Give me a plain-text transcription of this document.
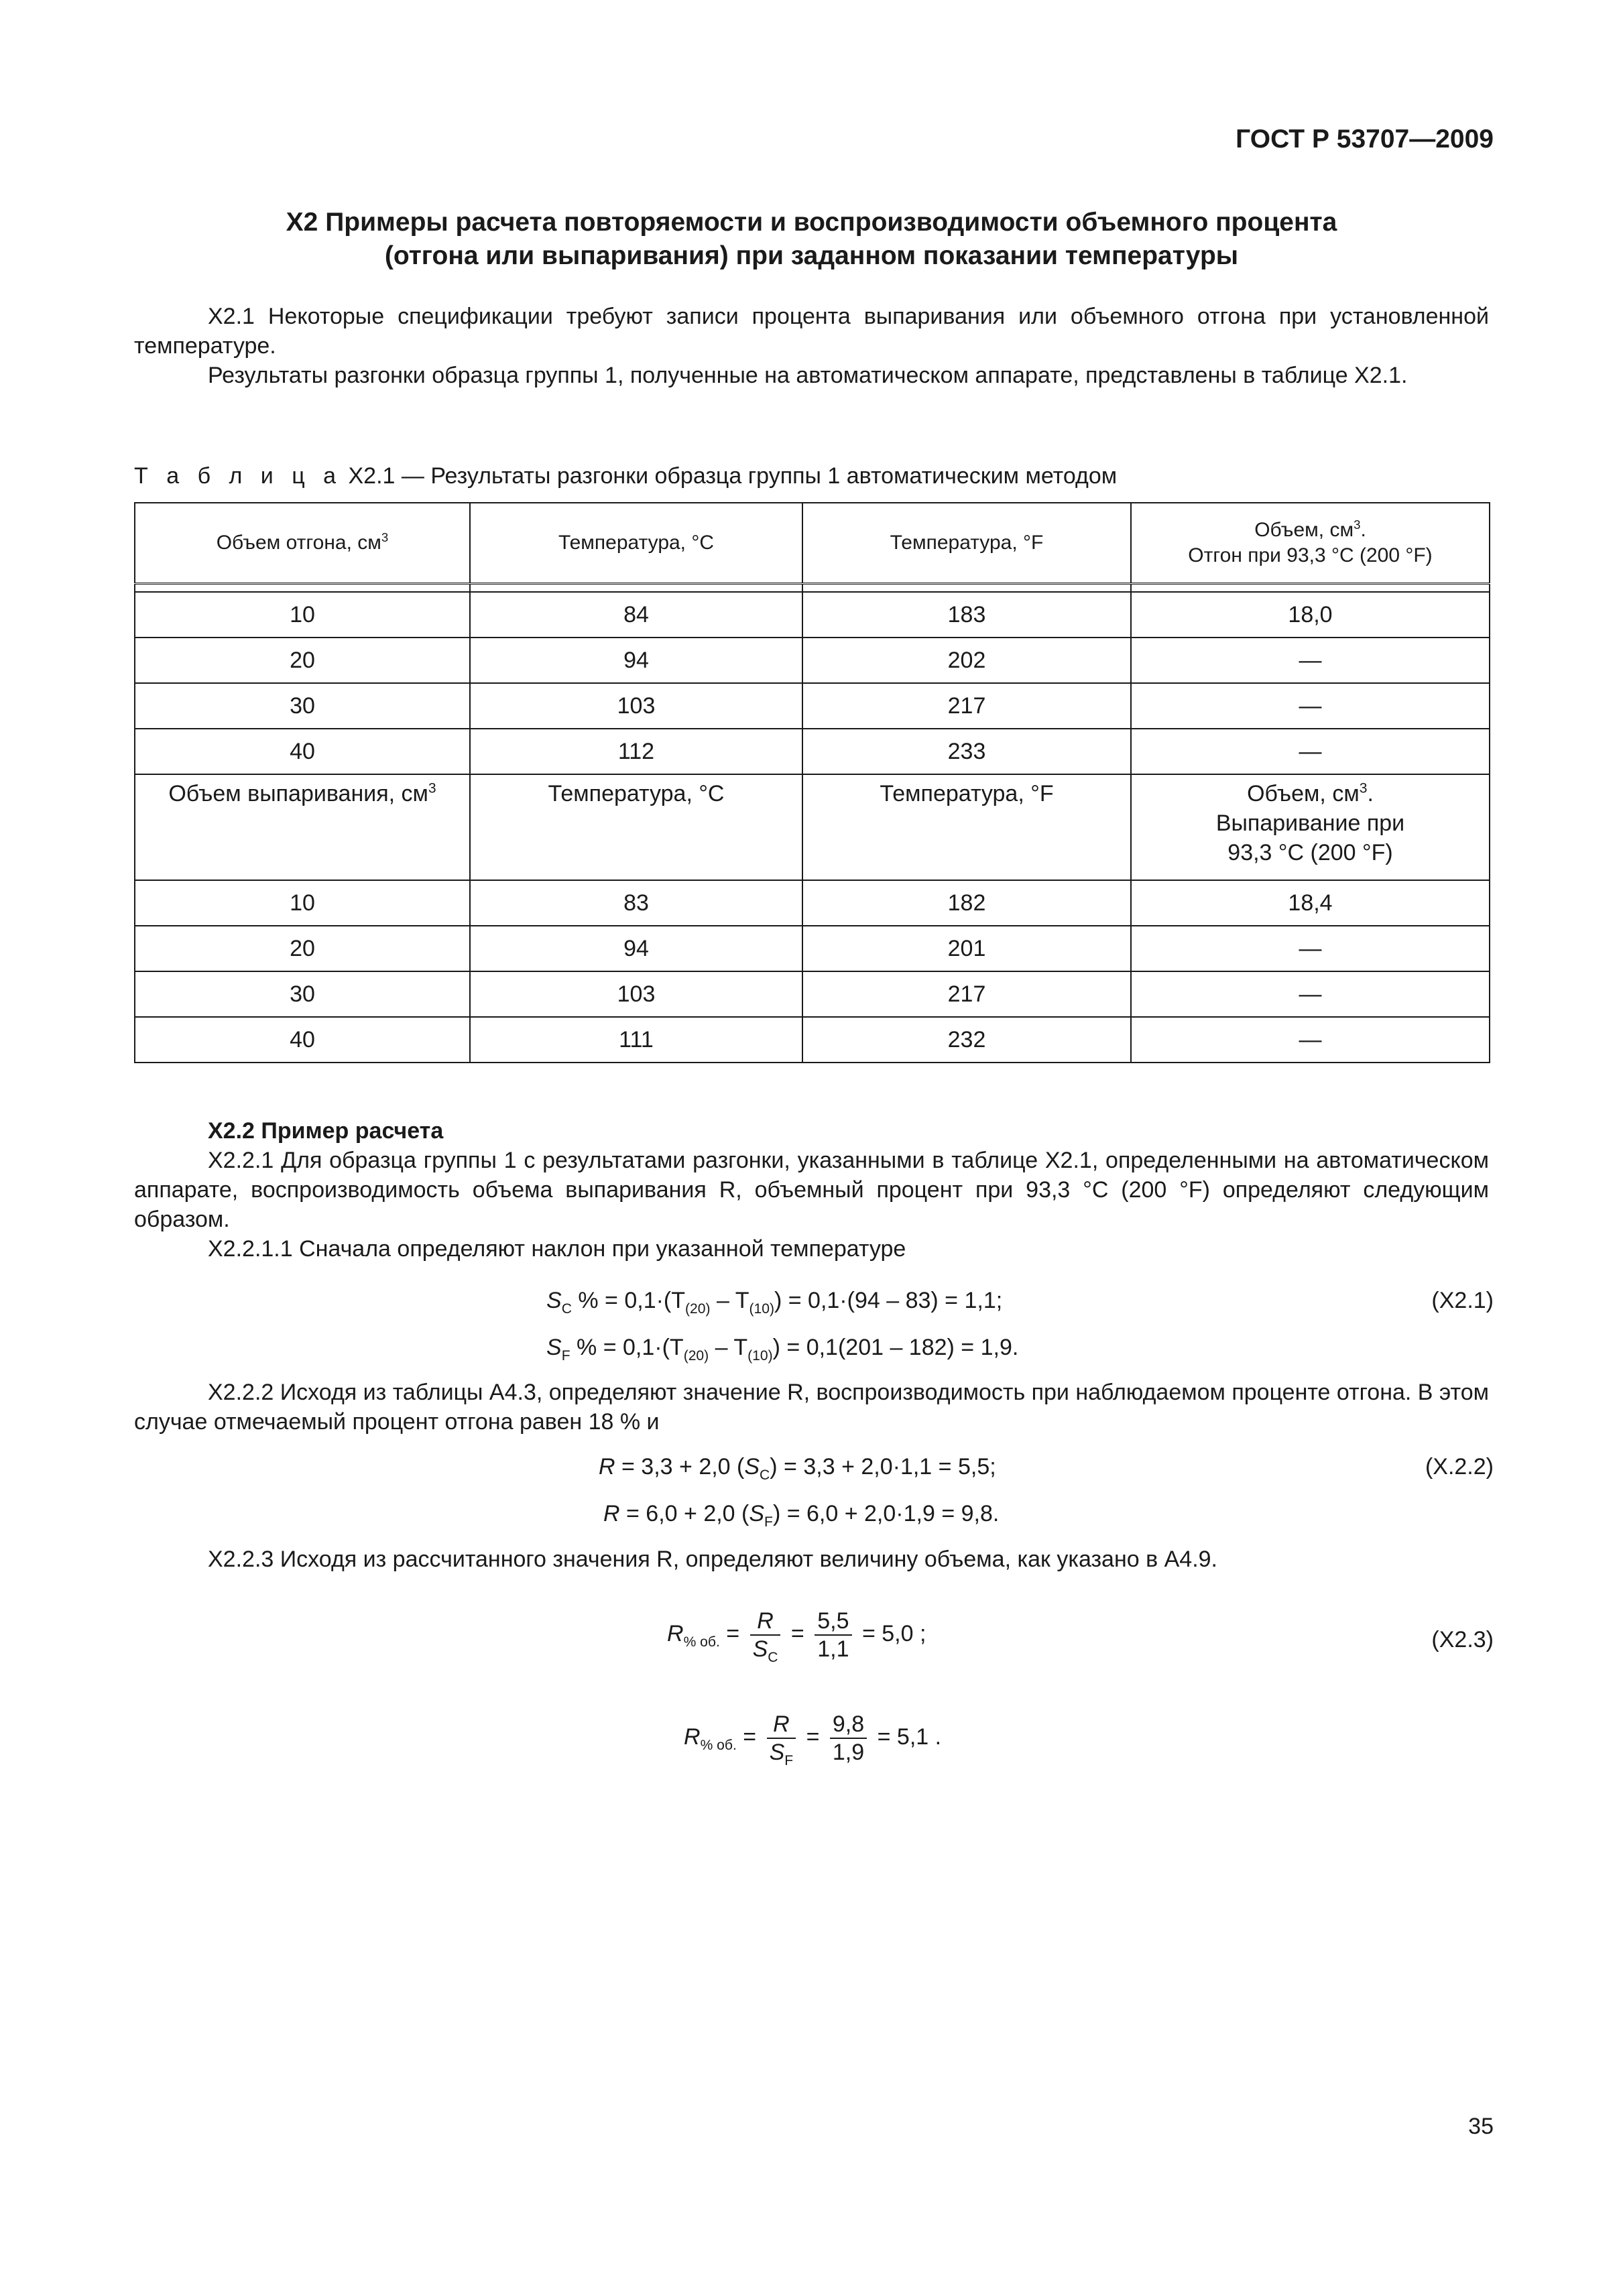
ГОСТ Р 53707—2009
X2 Примеры расчета повторяемости и воспроизводимости объемного процента
(отгона или выпаривания) при заданном показании температуры
X2.1 Некоторые спецификации требуют записи процента выпаривания или объемного отгона при установленной температуре.
Результаты разгонки образца группы 1, полученные на автоматическом аппарате, представлены в таблице X2.1.
Т а б л и ц а X2.1 — Результаты разгонки образца группы 1 автоматическим методом
Объем отгона, $см^3$	Температура, °С	Температура, °F	Объем, $см^3$.
Отгон при 93,3 °С (200 °F)

10	84	183	18,0
20	94	202	—
30	103	217	—
40	112	233	—
Объем выпаривания, $см^3$	Температура, °С	Температура, °F	Объем, $см^3$.
Выпаривание при
93,3 °С (200 °F)
10	83	182	18,4
20	94	201	—
30	103	217	—
40	111	232	—
X2.2 Пример расчета
X2.2.1 Для образца группы 1 с результатами разгонки, указанными в таблице X2.1, определенными на автоматическом аппарате, воспроизводимость объема выпаривания R, объемный процент при 93,3 °С (200 °F) определяют следующим образом.
X2.2.1.1 Сначала определяют наклон при указанной температуре
$S_C$ % = $0,1\cdot(T_{(20)} - T_{(10)}) = 0,1\cdot(94 - 83) = 1,1$;	(X2.1)
$S_F$ % = $0,1\cdot(T_{(20)} - T_{(10)}) = 0,1(201 - 182) = 1,9$.
X2.2.2 Исходя из таблицы А4.3, определяют значение R, воспроизводимость при наблюдаемом проценте отгона. В этом случае отмечаемый процент отгона равен 18 % и
R = 3,3 + 2,0 $(S_C) = 3,3 + 2,0\cdot 1,1 = 5,5$;	(X.2.2)
R = 6,0 + 2,0 $(S_F) = 6,0 + 2,0\cdot 1,9 = 9,8$.
X2.2.3 Исходя из рассчитанного значения R, определяют величину объема, как указано в А4.9.
$R_{\% об.} = \frac{R}{S_C} = \frac{5,5}{1,1} = 5,0$ ;	(X2.3)
$R_{\% об.} = \frac{R}{S_F} = \frac{9,8}{1,9} = 5,1$ .
35
